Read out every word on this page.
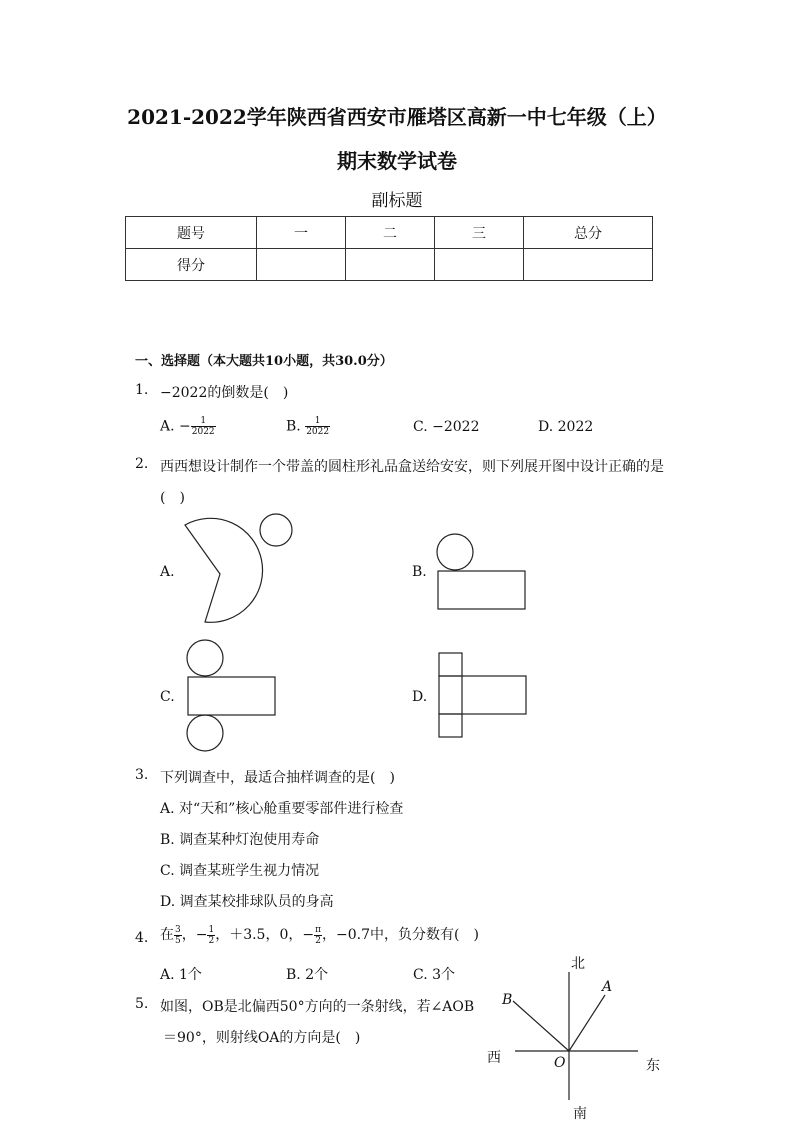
2021-2022学年陕西省西安市雁塔区高新一中七年级（上）
期末数学试卷
副标题
题号	一	二	三	总分
得分				
一、选择题（本大题共10小题，共30.0分）
1. −2022的倒数是(　)
A. − $\frac{1}{2022}$	B. $\frac{1}{2022}$	C. −2022	D. 2022
2. 西西想设计制作一个带盖的圆柱形礼品盒送给安安，则下列展开图中设计正确的是
(　)
A.	B.
C.	D.
3. 下列调查中，最适合抽样调查的是(　)
A. 对“天和”核心舱重要零部件进行检查
B. 调查某种灯泡使用寿命
C. 调查某班学生视力情况
D. 调查某校排球队员的身高
4. 在 $\frac{3}{5}$ ，− $\frac{1}{2}$ ，＋3.5，0，− $\frac{\pi}{2}$ ，−0.7中，负分数有(　)
A. 1个	B. 2个	C. 3个
5. 如图，OB是北偏西50°方向的一条射线，若∠AOB
＝90°，则射线OA的方向是(　)
北
南
西	东
A
B
O
